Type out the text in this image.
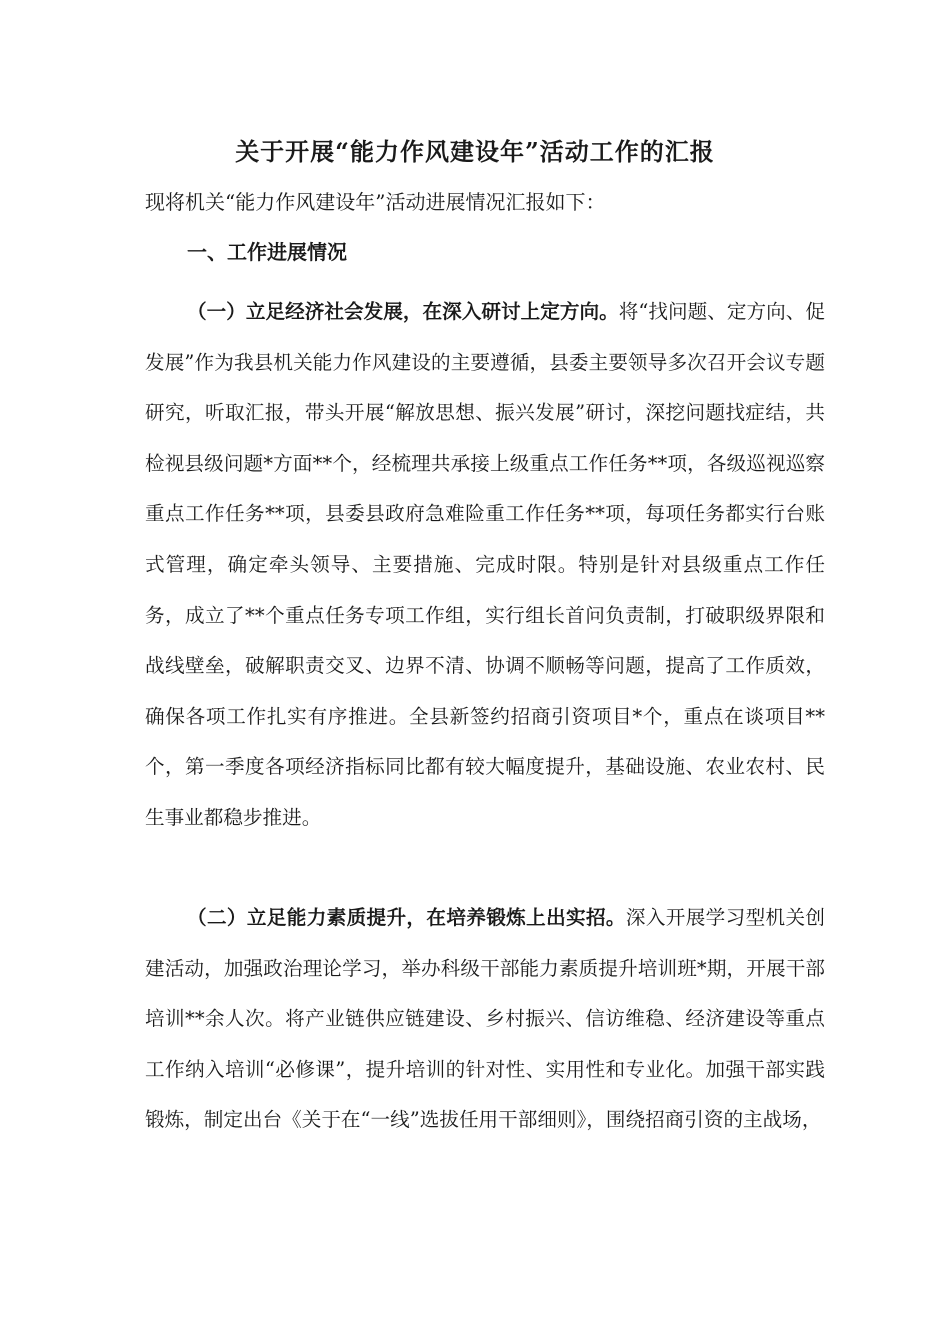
关于开展“能力作风建设年”活动工作的汇报

现将机关“能力作风建设年”活动进展情况汇报如下：

一、工作进展情况

（一）立足经济社会发展，在深入研讨上定方向。将“找问题、定方向、促发展”作为我县机关能力作风建设的主要遵循，县委主要领导多次召开会议专题研究，听取汇报，带头开展“解放思想、振兴发展”研讨，深挖问题找症结，共检视县级问题*方面**个，经梳理共承接上级重点工作任务**项，各级巡视巡察重点工作任务**项，县委县政府急难险重工作任务**项，每项任务都实行台账式管理，确定牵头领导、主要措施、完成时限。特别是针对县级重点工作任务，成立了**个重点任务专项工作组，实行组长首问负责制，打破职级界限和战线壁垒，破解职责交叉、边界不清、协调不顺畅等问题，提高了工作质效，确保各项工作扎实有序推进。全县新签约招商引资项目*个，重点在谈项目**个，第一季度各项经济指标同比都有较大幅度提升，基础设施、农业农村、民生事业都稳步推进。

（二）立足能力素质提升，在培养锻炼上出实招。深入开展学习型机关创建活动，加强政治理论学习，举办科级干部能力素质提升培训班*期，开展干部培训**余人次。将产业链供应链建设、乡村振兴、信访维稳、经济建设等重点工作纳入培训“必修课”，提升培训的针对性、实用性和专业化。加强干部实践锻炼，制定出台《关于在“一线”选拔任用干部细则》，围绕招商引资的主战场，
